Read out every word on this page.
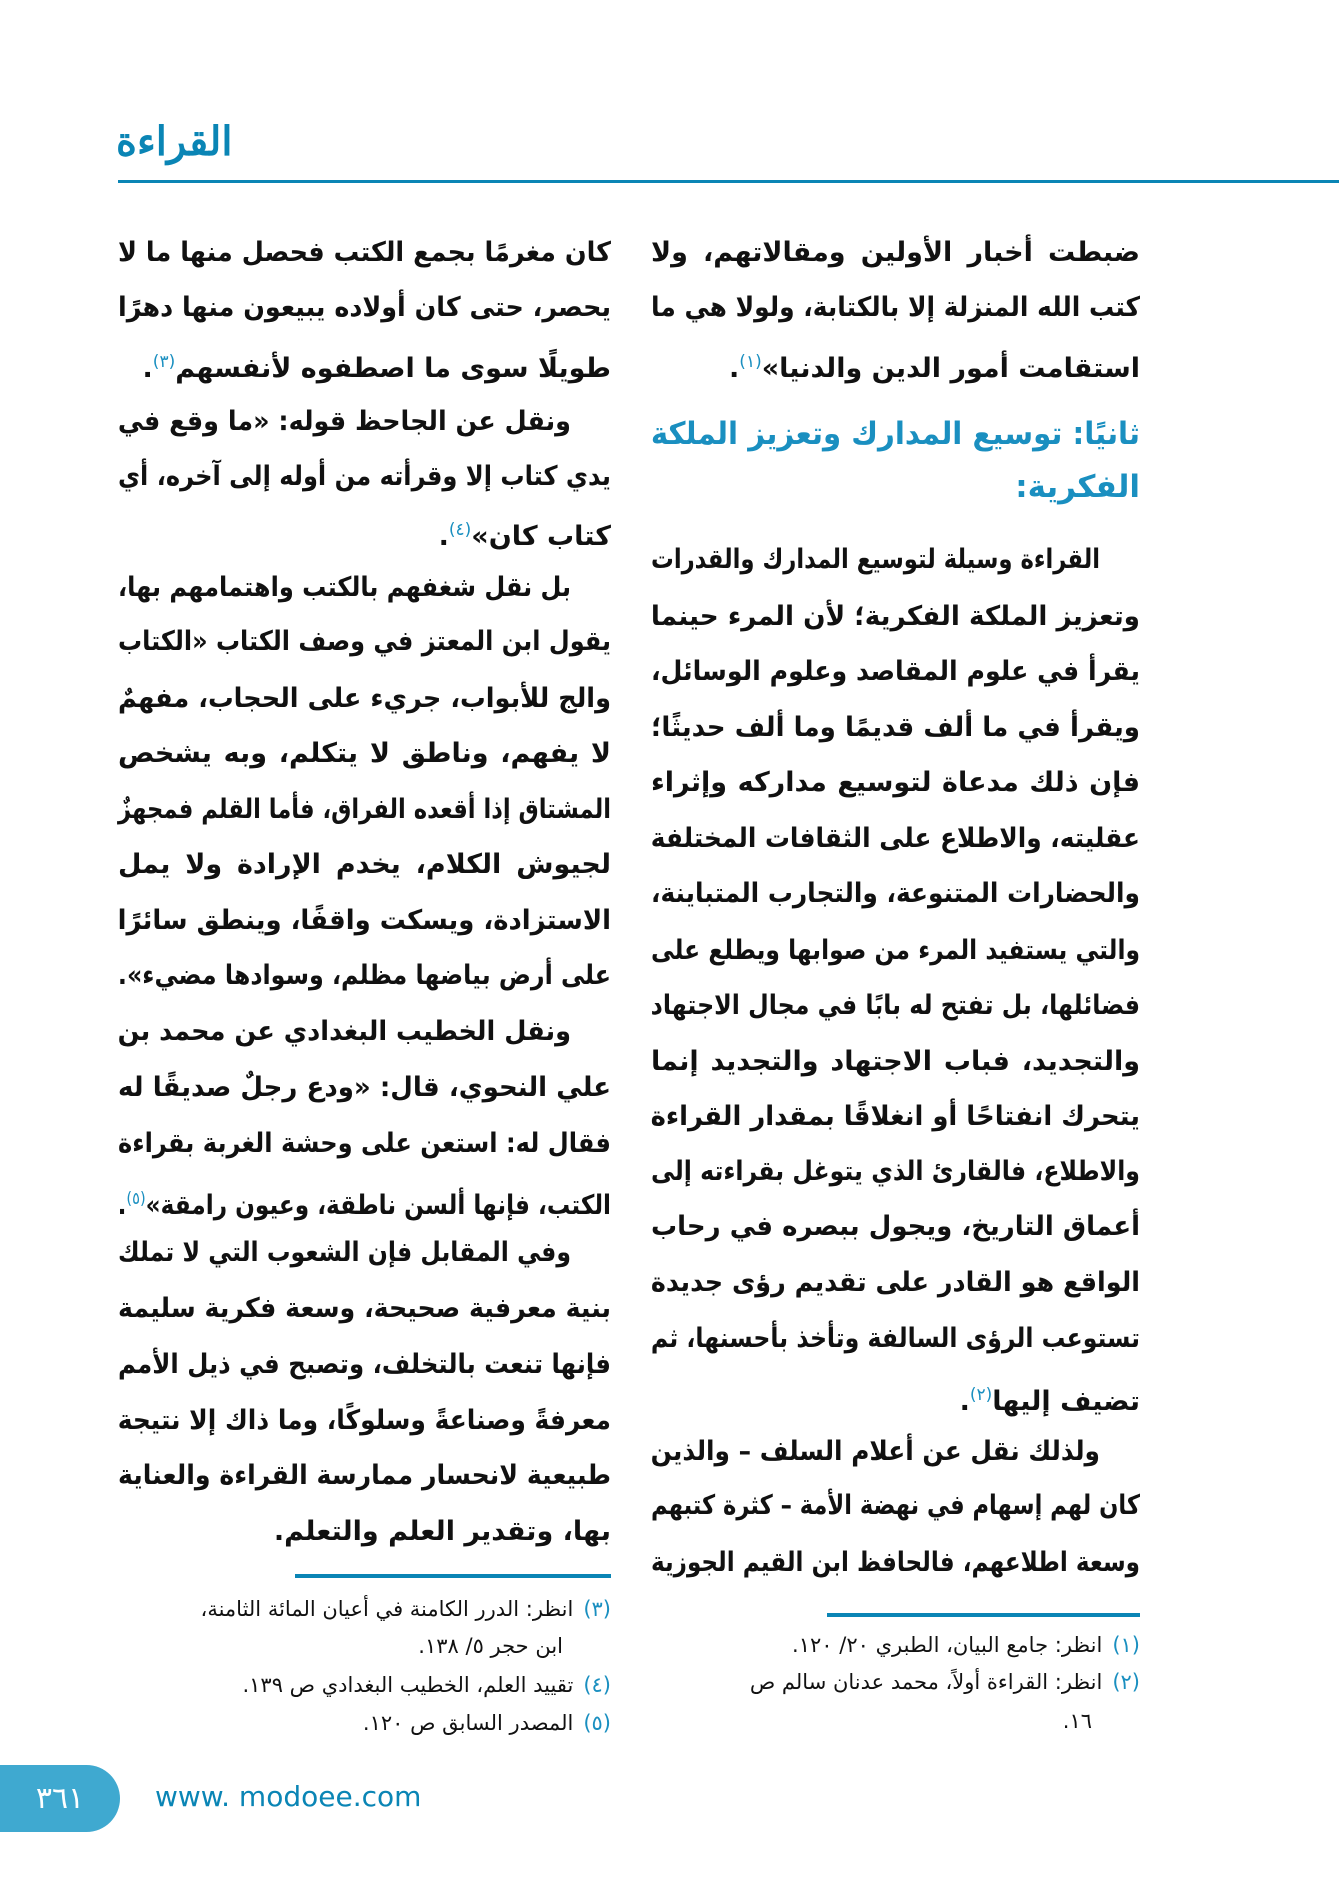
القراءة
ضبطت أخبار الأولين ومقالاتهم، ولا
كتب الله المنزلة إلا بالكتابة، ولولا هي ما
استقامت أمور الدين والدنيا»$^{(١)}$.
ثانيًا: توسيع المدارك وتعزيز الملكة
الفكرية:
القراءة وسيلة لتوسيع المدارك والقدرات
وتعزيز الملكة الفكرية؛ لأن المرء حينما
يقرأ في علوم المقاصد وعلوم الوسائل،
ويقرأ في ما ألف قديمًا وما ألف حديثًا؛
فإن ذلك مدعاة لتوسيع مداركه وإثراء
عقليته، والاطلاع على الثقافات المختلفة
والحضارات المتنوعة، والتجارب المتباينة،
والتي يستفيد المرء من صوابها ويطلع على
فضائلها، بل تفتح له بابًا في مجال الاجتهاد
والتجديد، فباب الاجتهاد والتجديد إنما
يتحرك انفتاحًا أو انغلاقًا بمقدار القراءة
والاطلاع، فالقارئ الذي يتوغل بقراءته إلى
أعماق التاريخ، ويجول ببصره في رحاب
الواقع هو القادر على تقديم رؤى جديدة
تستوعب الرؤى السالفة وتأخذ بأحسنها، ثم
تضيف إليها$^{(٢)}$.
ولذلك نقل عن أعلام السلف – والذين
كان لهم إسهام في نهضة الأمة – كثرة كتبهم
وسعة اطلاعهم، فالحافظ ابن القيم الجوزية
(١)انظر: جامع البيان، الطبري ٢٠/ ١٢٠.
(٢)انظر: القراءة أولاً، محمد عدنان سالم ص
١٦.
كان مغرمًا بجمع الكتب فحصل منها ما لا
يحصر، حتى كان أولاده يبيعون منها دهرًا
طويلًا سوى ما اصطفوه لأنفسهم$^{(٣)}$.
ونقل عن الجاحظ قوله: «ما وقع في
يدي كتاب إلا وقرأته من أوله إلى آخره، أي
كتاب كان»$^{(٤)}$.
بل نقل شغفهم بالكتب واهتمامهم بها،
يقول ابن المعتز في وصف الكتاب «الكتاب
والج للأبواب، جريء على الحجاب، مفهمٌ
لا يفهم، وناطق لا يتكلم، وبه يشخص
المشتاق إذا أقعده الفراق، فأما القلم فمجهزٌ
لجيوش الكلام، يخدم الإرادة ولا يمل
الاستزادة، ويسكت واقفًا، وينطق سائرًا
على أرض بياضها مظلم، وسوادها مضيء».
ونقل الخطيب البغدادي عن محمد بن
علي النحوي، قال: «ودع رجلٌ صديقًا له
فقال له: استعن على وحشة الغربة بقراءة
الكتب، فإنها ألسن ناطقة، وعيون رامقة»$^{(٥)}$.
وفي المقابل فإن الشعوب التي لا تملك
بنية معرفية صحيحة، وسعة فكرية سليمة
فإنها تنعت بالتخلف، وتصبح في ذيل الأمم
معرفةً وصناعةً وسلوكًا، وما ذاك إلا نتيجة
طبيعية لانحسار ممارسة القراءة والعناية
بها، وتقدير العلم والتعلم.
(٣)انظر: الدرر الكامنة في أعيان المائة الثامنة،
ابن حجر ٥/ ١٣٨.
(٤)تقييد العلم، الخطيب البغدادي ص ١٣٩.
(٥)المصدر السابق ص ١٢٠.
٣٦١	www. modoee.com
